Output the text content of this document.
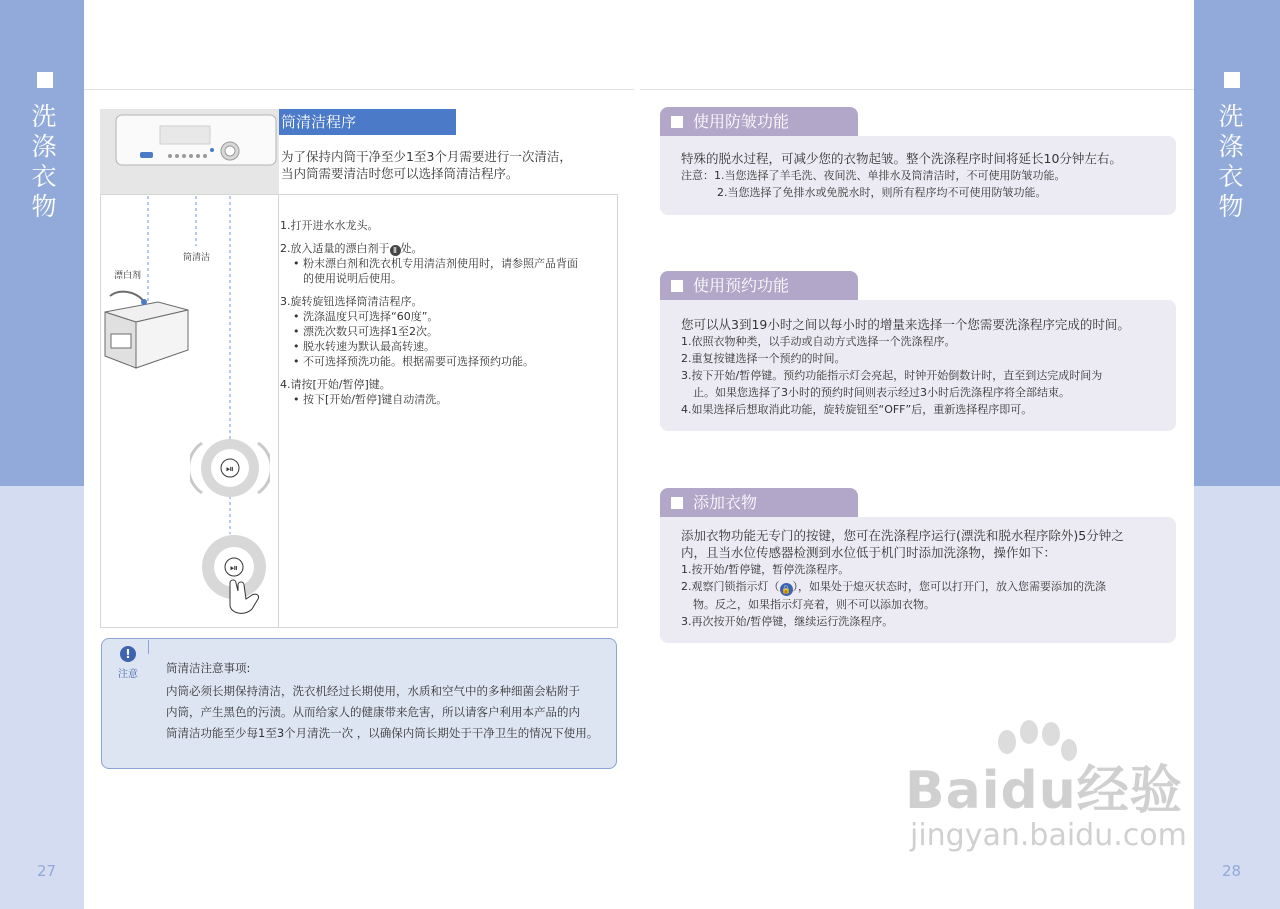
洗
涤
衣
物
27
洗
涤
衣
物
28
筒清洁程序
为了保持内筒干净至少1至3个月需要进行一次清洁，
当内筒需要清洁时您可以选择筒清洁程序。
筒清洁
漂白剂
⏯
⏯
1.打开进水水龙头。
2.放入适量的漂白剂于 Ⅱ 处。
• 粉末漂白剂和洗衣机专用清洁剂使用时，请参照产品背面
的使用说明后使用。
3.旋转旋钮选择筒清洁程序。
• 洗涤温度只可选择“60度”。
• 漂洗次数只可选择1至2次。
• 脱水转速为默认最高转速。
• 不可选择预洗功能。根据需要可选择预约功能。
4.请按[开始/暂停]键。
• 按下[开始/暂停]键自动清洗。
!
注意 筒清洁注意事项:
内筒必须长期保持清洁，洗衣机经过长期使用，水质和空气中的多种细菌会粘附于
内筒，产生黑色的污渍。从而给家人的健康带来危害，所以请客户利用本产品的内
筒清洁功能至少每1至3个月清洗一次 ，以确保内筒长期处于干净卫生的情况下使用。
使用防皱功能
特殊的脱水过程，可减少您的衣物起皱。整个洗涤程序时间将延长10分钟左右。
注意：1.当您选择了羊毛洗、夜间洗、单排水及筒清洁时，不可使用防皱功能。
2.当您选择了免排水或免脱水时，则所有程序均不可使用防皱功能。
使用预约功能
您可以从3到19小时之间以每小时的增量来选择一个您需要洗涤程序完成的时间。
1.依照衣物种类，以手动或自动方式选择一个洗涤程序。
2.重复按键选择一个预约的时间。
3.按下开始/暂停键。预约功能指示灯会亮起，时钟开始倒数计时，直至到达完成时间为
止。如果您选择了3小时的预约时间则表示经过3小时后洗涤程序将全部结束。
4.如果选择后想取消此功能，旋转旋钮至“OFF”后，重新选择程序即可。
添加衣物
添加衣物功能无专门的按键，您可在洗涤程序运行(漂洗和脱水程序除外)5分钟之
内，且当水位传感器检测到水位低于机门时添加洗涤物，操作如下：
1.按开始/暂停键，暂停洗涤程序。
2.观察门锁指示灯（ 🔒 ），如果处于熄灭状态时，您可以打开门，放入您需要添加的洗涤
物。反之，如果指示灯亮着，则不可以添加衣物。
3.再次按开始/暂停键，继续运行洗涤程序。
Baidu经验
jingyan.baidu.com
